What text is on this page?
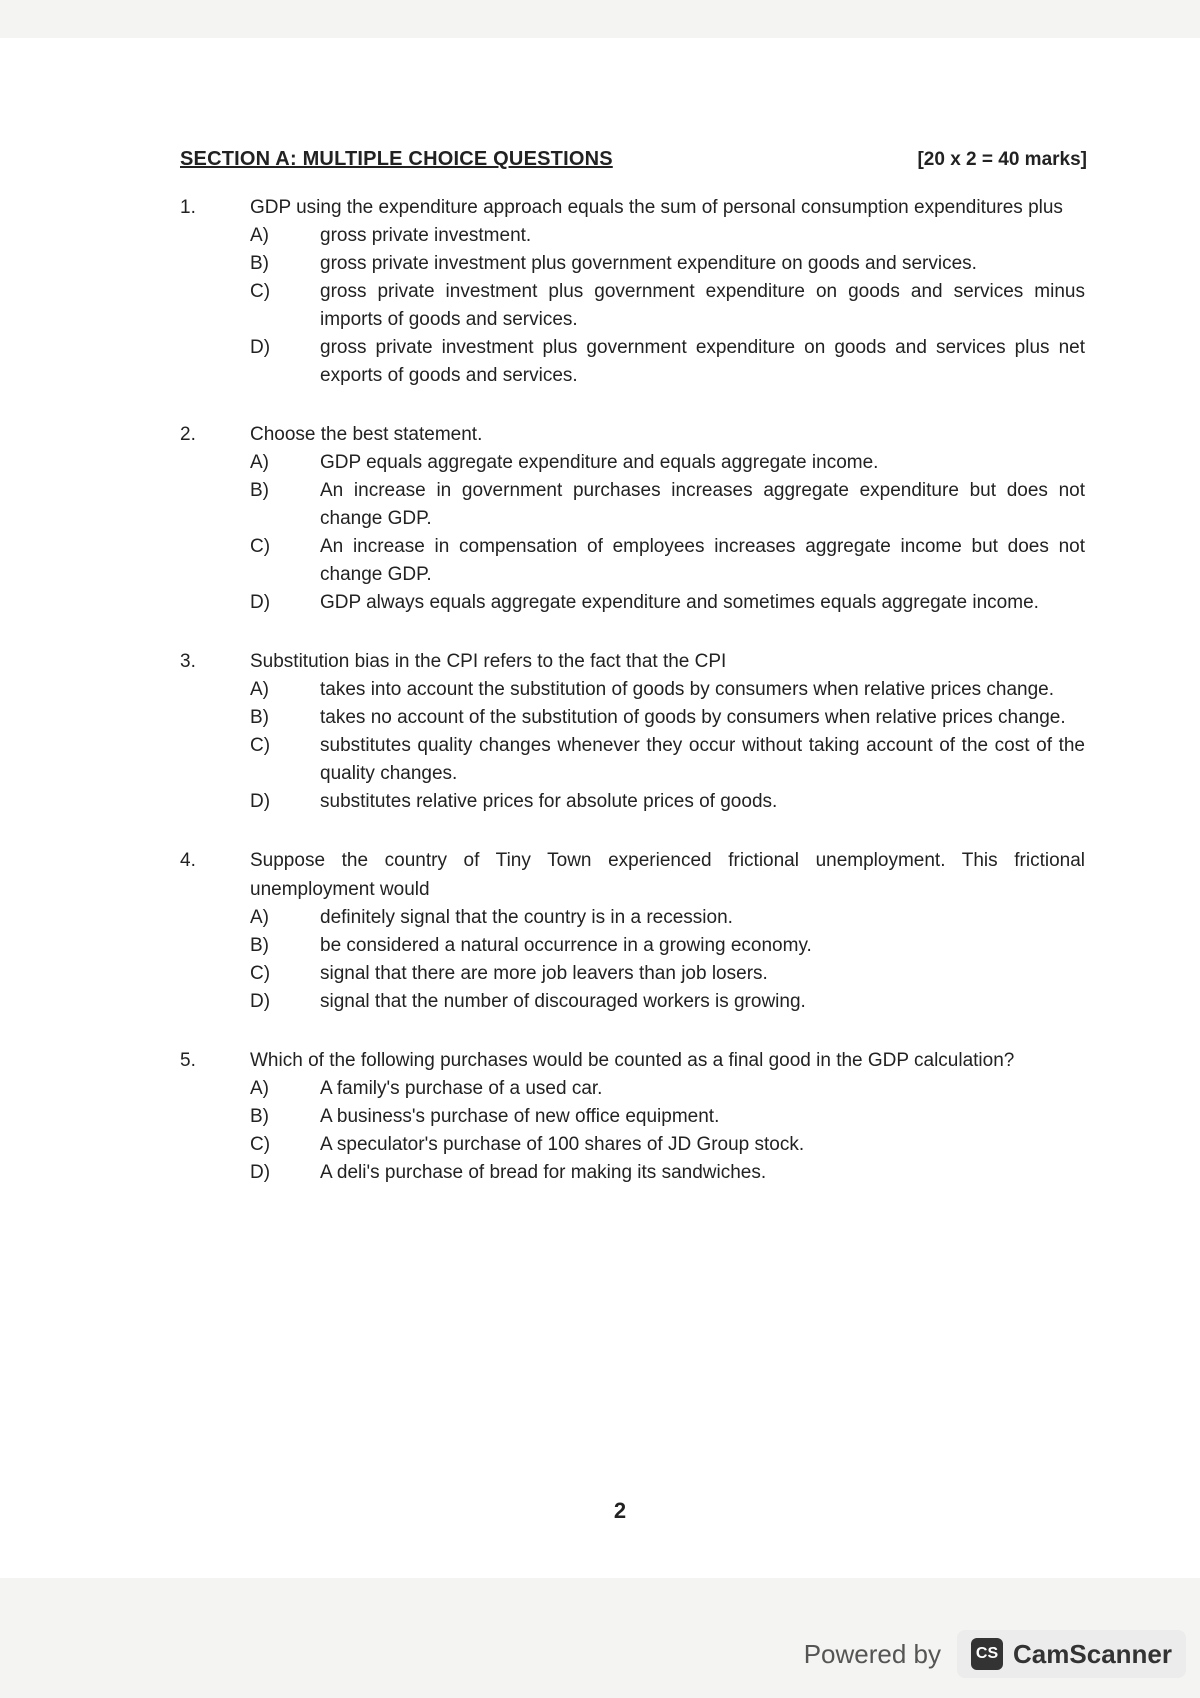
SECTION A: MULTIPLE CHOICE QUESTIONS	[20 x 2 = 40 marks]
1.	GDP using the expenditure approach equals the sum of personal consumption expenditures plus
A)	gross private investment.
B)	gross private investment plus government expenditure on goods and services.
C)	gross private investment plus government expenditure on goods and services minus imports of goods and services.
D)	gross private investment plus government expenditure on goods and services plus net exports of goods and services.
2.	Choose the best statement.
A)	GDP equals aggregate expenditure and equals aggregate income.
B)	An increase in government purchases increases aggregate expenditure but does not change GDP.
C)	An increase in compensation of employees increases aggregate income but does not change GDP.
D)	GDP always equals aggregate expenditure and sometimes equals aggregate income.
3.	Substitution bias in the CPI refers to the fact that the CPI
A)	takes into account the substitution of goods by consumers when relative prices change.
B)	takes no account of the substitution of goods by consumers when relative prices change.
C)	substitutes quality changes whenever they occur without taking account of the cost of the quality changes.
D)	substitutes relative prices for absolute prices of goods.
4.	Suppose the country of Tiny Town experienced frictional unemployment. This frictional unemployment would
A)	definitely signal that the country is in a recession.
B)	be considered a natural occurrence in a growing economy.
C)	signal that there are more job leavers than job losers.
D)	signal that the number of discouraged workers is growing.
5.	Which of the following purchases would be counted as a final good in the GDP calculation?
A)	A family's purchase of a used car.
B)	A business's purchase of new office equipment.
C)	A speculator's purchase of 100 shares of JD Group stock.
D)	A deli's purchase of bread for making its sandwiches.
2
Powered by	CS CamScanner
